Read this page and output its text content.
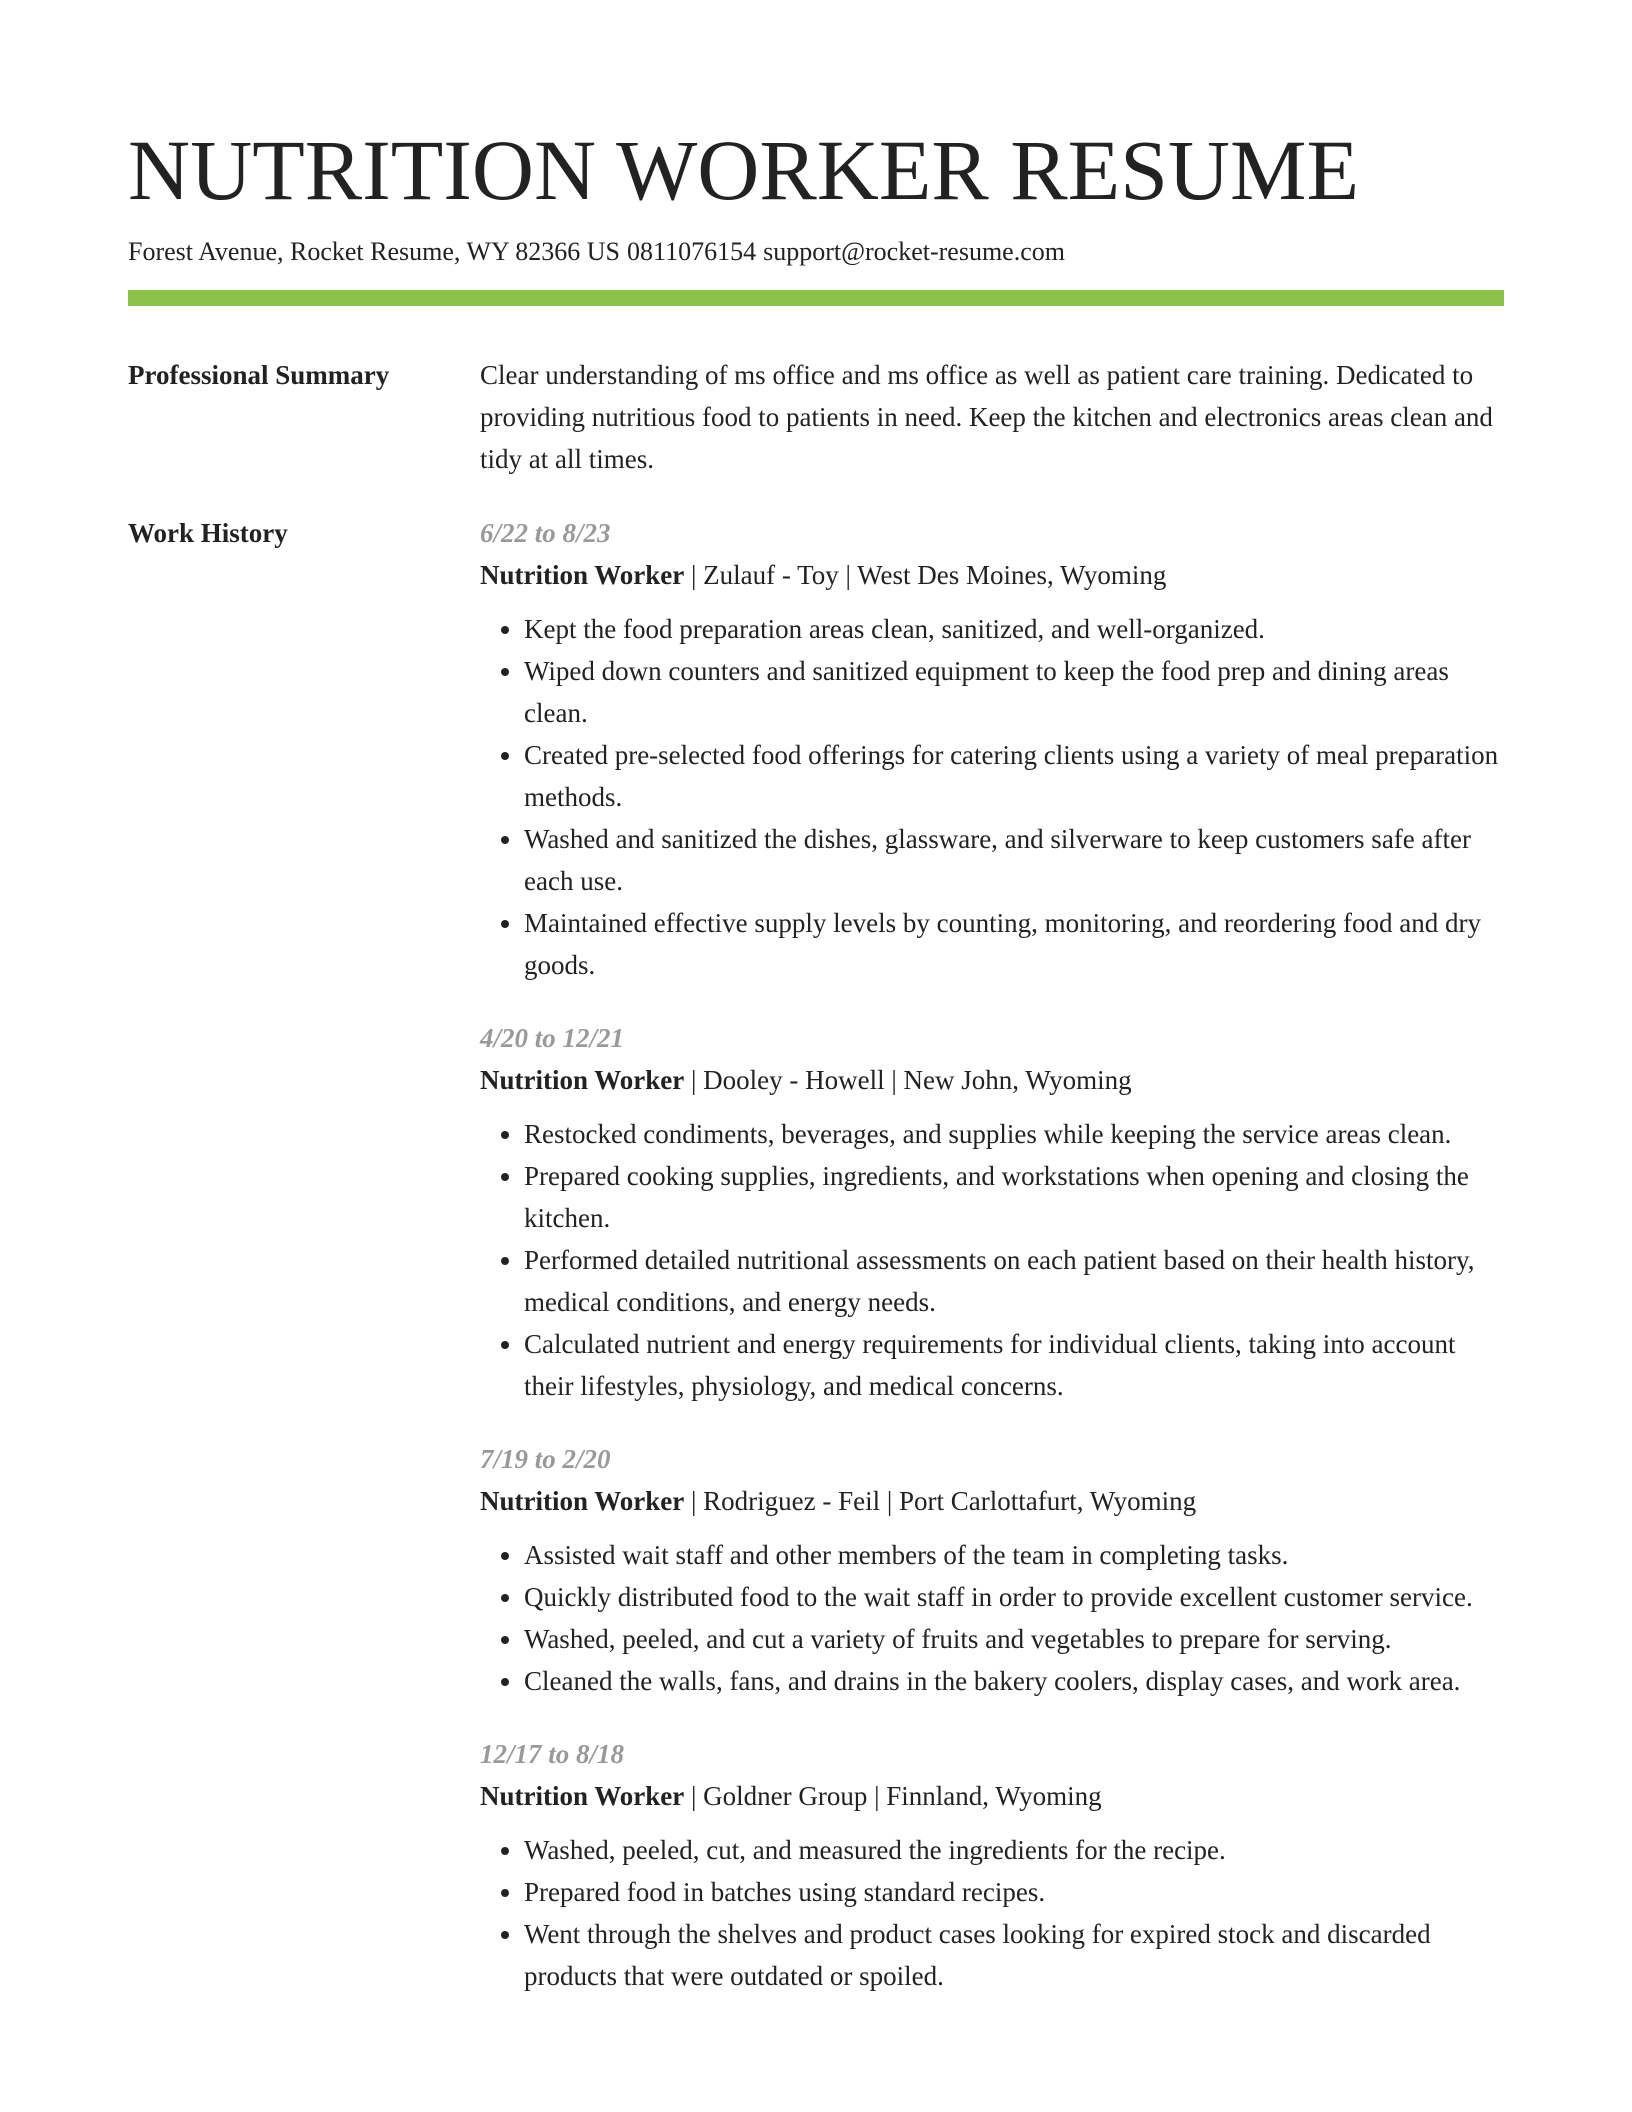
NUTRITION WORKER RESUME
Forest Avenue, Rocket Resume, WY 82366 US 0811076154 support@rocket-resume.com
Professional Summary	Clear understanding of ms office and ms office as well as patient care training. Dedicated to providing nutritious food to patients in need. Keep the kitchen and electronics areas clean and tidy at all times.

Work History	6/22 to 8/23
Nutrition Worker | Zulauf - Toy | West Des Moines, Wyoming
• Kept the food preparation areas clean, sanitized, and well-organized.
• Wiped down counters and sanitized equipment to keep the food prep and dining areas clean.
• Created pre-selected food offerings for catering clients using a variety of meal preparation methods.
• Washed and sanitized the dishes, glassware, and silverware to keep customers safe after each use.
• Maintained effective supply levels by counting, monitoring, and reordering food and dry goods.
4/20 to 12/21
Nutrition Worker | Dooley - Howell | New John, Wyoming
• Restocked condiments, beverages, and supplies while keeping the service areas clean.
• Prepared cooking supplies, ingredients, and workstations when opening and closing the kitchen.
• Performed detailed nutritional assessments on each patient based on their health history, medical conditions, and energy needs.
• Calculated nutrient and energy requirements for individual clients, taking into account their lifestyles, physiology, and medical concerns.
7/19 to 2/20
Nutrition Worker | Rodriguez - Feil | Port Carlottafurt, Wyoming
• Assisted wait staff and other members of the team in completing tasks.
• Quickly distributed food to the wait staff in order to provide excellent customer service.
• Washed, peeled, and cut a variety of fruits and vegetables to prepare for serving.
• Cleaned the walls, fans, and drains in the bakery coolers, display cases, and work area.
12/17 to 8/18
Nutrition Worker | Goldner Group | Finnland, Wyoming
• Washed, peeled, cut, and measured the ingredients for the recipe.
• Prepared food in batches using standard recipes.
• Went through the shelves and product cases looking for expired stock and discarded products that were outdated or spoiled.
